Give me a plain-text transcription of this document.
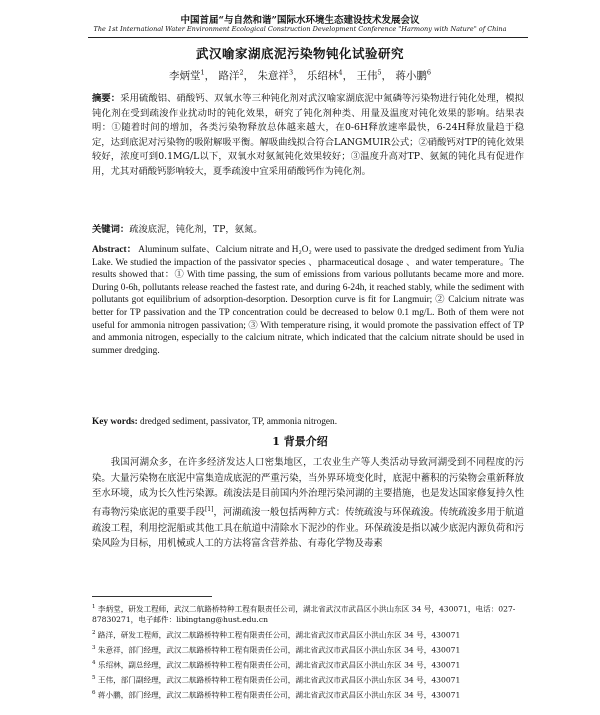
中国首届“与自然和谐”国际水环境生态建设技术发展会议
The 1st International Water Environment Ecological Construction Development Conference "Harmony with Nature" of China
武汉喻家湖底泥污染物钝化试验研究
李炳堂$^1$， 路洋$^2$， 朱意祥$^3$， 乐绍林$^4$， 王伟$^5$， 蒋小鹏$^6$
摘要：采用硫酸铝、硝酸钙、双氧水等三种钝化剂对武汉喻家湖底泥中氮磷等污染物进行钝化处理，模拟钝化剂在受到疏浚作业扰动时的钝化效果，研究了钝化剂种类、用量及温度对钝化效果的影响。结果表明：①随着时间的增加，各类污染物释放总体越来越大，在0-6H释放速率最快，6-24H释放量趋于稳定，达到底泥对污染物的吸附解吸平衡。解吸曲线拟合符合LANGMUIR公式；②硝酸钙对TP的钝化效果较好，浓度可到0.1MG/L以下，双氧水对氨氮钝化效果较好；③温度升高对TP、氨氮的钝化具有促进作用，尤其对硝酸钙影响较大，夏季疏浚中宜采用硝酸钙作为钝化剂。
关键词：疏浚底泥，钝化剂，TP，氨氮。
Abstract： Aluminum sulfate、Calcium nitrate and H₂O₂ were used to passivate the dredged sediment from YuJia Lake. We studied the impaction of the passivator species 、pharmaceutical dosage 、and water temperature。The results showed that：① With time passing, the sum of emissions from various pollutants became more and more. During 0-6h, pollutants release reached the fastest rate, and during 6-24h, it reached stably, while the sediment with pollutants got equilibrium of adsorption-desorption. Desorption curve is fit for Langmuir; ② Calcium nitrate was better for TP passivation and the TP concentration could be decreased to below 0.1 mg/L. Both of them were not useful for ammonia nitrogen passivation; ③ With temperature rising, it would promote the passivation effect of TP and ammonia nitrogen, especially to the calcium nitrate, which indicated that the calcium nitrate should be used in summer dredging.
Key words: dredged sediment, passivator, TP, ammonia nitrogen.
1 背景介绍
我国河湖众多，在许多经济发达人口密集地区，工农业生产等人类活动导致河湖受到不同程度的污染。大量污染物在底泥中富集造成底泥的严重污染，当外界环境变化时，底泥中蓄积的污染物会重新释放至水环境，成为长久性污染源。疏浚法是目前国内外治理污染河湖的主要措施，也是发达国家修复持久性有毒物污染底泥的重要手段[1]，河湖疏浚一般包括两种方式：传统疏浚与环保疏浚。传统疏浚多用于航道疏浚工程，利用挖泥船或其他工具在航道中清除水下泥沙的作业。环保疏浚是指以减少底泥内源负荷和污染风险为目标，用机械或人工的方法将富含营养盐、有毒化学物及毒素
$^1$ 李炳堂，研发工程师，武汉二航路桥特种工程有限责任公司，湖北省武汉市武昌区小洪山东区 34 号，430071，电话：027-87830271，电子邮件：libingtang@hust.edu.cn
$^2$ 路洋，研发工程师，武汉二航路桥特种工程有限责任公司，湖北省武汉市武昌区小洪山东区 34 号，430071
$^3$ 朱意祥，部门经理，武汉二航路桥特种工程有限责任公司，湖北省武汉市武昌区小洪山东区 34 号，430071
$^4$ 乐绍林，副总经理，武汉二航路桥特种工程有限责任公司，湖北省武汉市武昌区小洪山东区 34 号，430071
$^5$ 王伟，部门副经理，武汉二航路桥特种工程有限责任公司，湖北省武汉市武昌区小洪山东区 34 号，430071
$^6$ 蒋小鹏，部门经理，武汉二航路桥特种工程有限责任公司，湖北省武汉市武昌区小洪山东区 34 号，430071
